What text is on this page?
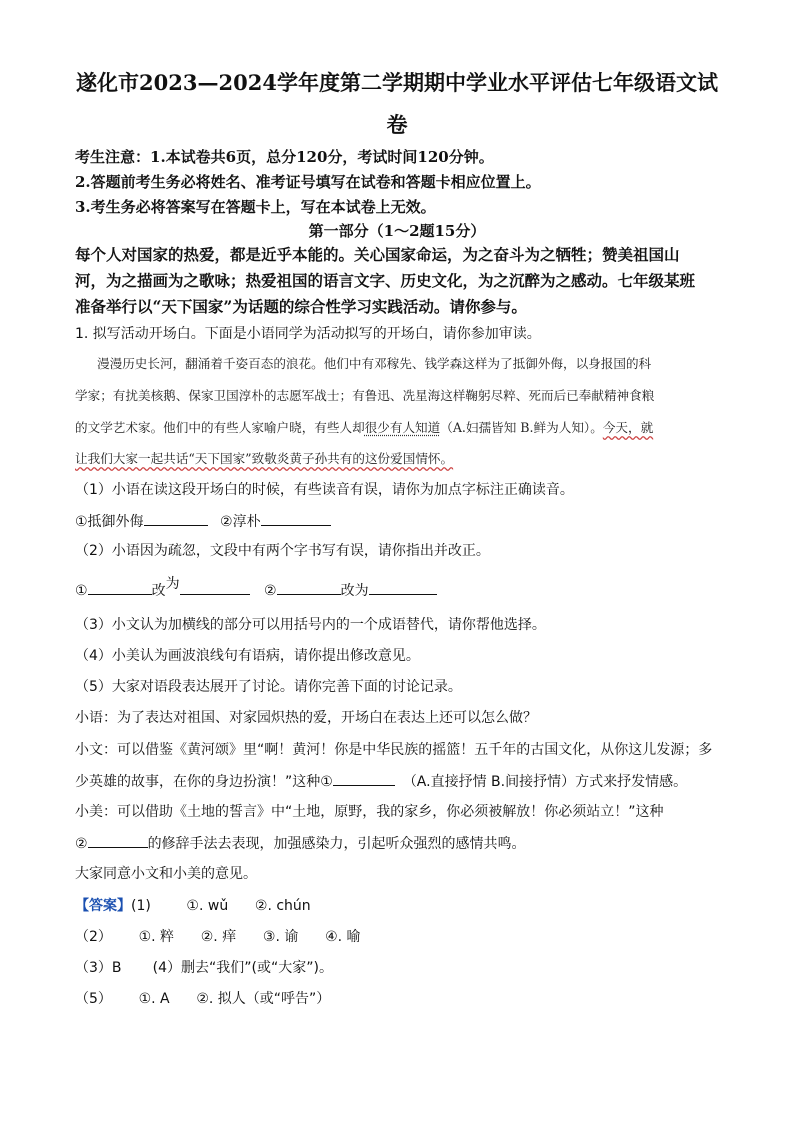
遂化市2023—2024学年度第二学期期中学业水平评估七年级语文试
卷
考生注意：1.本试卷共6页，总分120分，考试时间120分钟。
2.答题前考生务必将姓名、准考证号填写在试卷和答题卡相应位置上。
3.考生务必将答案写在答题卡上，写在本试卷上无效。
第一部分（1～2题15分）
每个人对国家的热爱，都是近乎本能的。关心国家命运，为之奋斗为之牺牲；赞美祖国山
河，为之描画为之歌咏；热爱祖国的语言文字、历史文化，为之沉醉为之感动。七年级某班
准备举行以“天下国家”为话题的综合性学习实践活动。请你参与。
1. 拟写活动开场白。下面是小语同学为活动拟写的开场白，请你参加审读。
漫漫历史长河，翻涌着千姿百态的浪花。他们中有邓稼先、钱学森这样为了抵御外侮，以身报国的科
学家；有扰美核鹅、保家卫国淳朴的志愿军战士；有鲁迅、冼星海这样鞠躬尽粹、死而后已奉献精神食粮
的文学艺术家。他们中的有些人家喻户晓，有些人却很少有人知道（A.妇孺皆知 B.鲜为人知）。今天，就
让我们大家一起共话“天下国家”致敬炎黄子孙共有的这份爱国情怀。
（1）小语在读这段开场白的时候，有些读音有误，请你为加点字标注正确读音。
①抵御外侮	②淳朴
（2）小语因为疏忽，文段中有两个字书写有误，请你指出并改正。
①	改为	②	改为
（3）小文认为加横线的部分可以用括号内的一个成语替代，请你帮他选择。
（4）小美认为画波浪线句有语病，请你提出修改意见。
（5）大家对语段表达展开了讨论。请你完善下面的讨论记录。
小语：为了表达对祖国、对家园炽热的爱，开场白在表达上还可以怎么做？
小文：可以借鉴《黄河颂》里“啊！黄河！你是中华民族的摇篮！五千年的古国文化，从你这儿发源；多
少英雄的故事，在你的身边扮演！”这种①	（A.直接抒情 B.间接抒情）方式来抒发情感。
小美：可以借助《土地的誓言》中“土地，原野，我的家乡，你必须被解放！你必须站立！”这种
②	的修辞手法去表现，加强感染力，引起听众强烈的感情共鸣。
大家同意小文和小美的意见。
【答案】(1)        ①. wǔ      ②. chún
（2）      ①. 粹      ②. 痒      ③. 谕      ④. 喻
（3）B       (4）删去“我们”(或“大家”)。
（5）      ①. A      ②. 拟人（或“呼告”）
